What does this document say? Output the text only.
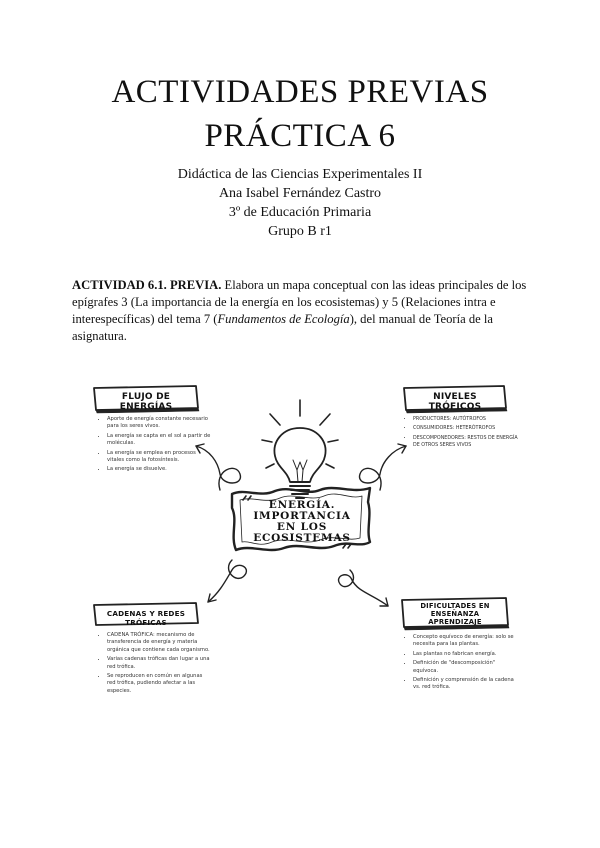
ACTIVIDADES PREVIAS
PRÁCTICA 6
Didáctica de las Ciencias Experimentales II
Ana Isabel Fernández Castro
3º de Educación Primaria
Grupo B r1
ACTIVIDAD 6.1. PREVIA. Elabora un mapa conceptual con las ideas principales de los epígrafes 3 (La importancia de la energía en los ecosistemas) y 5 (Relaciones intra e interespecíficas) del tema 7 (Fundamentos de Ecología), del manual de Teoría de la asignatura.
FLUJO DE ENERGÍAS
• Aporte de energía constante necesario para los seres vivos.
• La energía se capta en el sol a partir de moléculas.
• La energía se emplea en procesos vitales como la fotosíntesis.
• La energía se disuelve.
NIVELES TRÓFICOS
• PRODUCTORES: AUTÓTROFOS
• CONSUMIDORES: HETERÓTROFOS
• DESCOMPONEDORES: RESTOS DE ENERGÍA DE OTROS SERES VIVOS
ENERGÍA.
IMPORTANCIA
EN LOS
ECOSISTEMAS
CADENAS Y REDES TRÓFICAS
• CADENA TRÓFICA: mecanismo de transferencia de energía y materia orgánica que contiene cada organismo.
• Varias cadenas tróficas dan lugar a una red trófica.
• Se reproducen en común en algunas red trófica, pudiendo afectar a las especies.
DIFICULTADES EN ENSEÑANZA
APRENDIZAJE
• Concepto equívoco de energía: solo se necesita para las plantas.
• Las plantas no fabrican energía.
• Definición de "descomposición" equívoca.
• Definición y comprensión de la cadena vs. red trófica.
